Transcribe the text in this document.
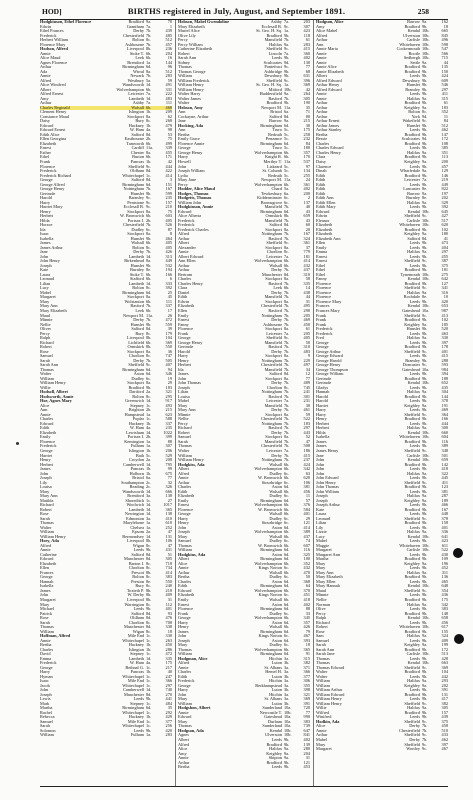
HOD]	BIRTHS registered in July, August, and September 1891.	258
Hodgkinson, Ethel Florence	Bradford 9a.	70
Edwin	Grantham 7a.	1
Ethel Frances	Derby 7b.	439
Frederick	Chesterfield 7b.	485
Herbert William	Bolton 8c.	512
Florence Mary	Ashbourne 7b.	457
Hodson, Alfred	Liverpool 8b.	236
Annie	Stoke T. 6b.	204
Alice Maud	Leek 6b.	16
Agnes Florence	Brentford 1a.	144
Arthur	Birmingham 6d.	96
Ada	Wirral 8a.	512
Annie	Newark 7b.	283
Alfred	Westbury 5a.	59
Alice Winifred	Wandsworth 1d.	491
Albert	Wolverhampton 6b.	331
Alfred Ernest	Leicester 7a.	222
Amy	Lambeth 1d.	483
Arthur	Ashby 7a.	111
Charles Reginald	Walsall 6b.	468
Clement Henry	Islington 1b.	209
Constance Maud	Stockport 8a.	62
Daisy	Bury 8c.	268
Edward	Hackney 1b.	479
Edward Ernest	W. Ham 4a.	98
Edith Alice	Salford 8d.	53
Ellen Georgina	Eastbourne 2b.	75
Elizabeth	Tamworth 6b.	499
Ernest	Cardiff 11a.	339
Esther	Chester 8a.	455
Ethel	Burton 6b.	171
Frank	Pancras 1b.	42
Florence	Sheffield 9c.	444
Frederick	Oldham 8d.	422
Frederick Richard	Whitechapel 1c.	414
George	Salford 8d.	3
George Alfred	Birmingham 6d.	151
George Henry	Nottingham 7b.	167
Gertrude	Hunslet 9b.	599
Harold	Barnsley 9c.	235
Harry	Penistone 9c.	157
Harriet Mary	Ecclesall B. 9c.	210
Henry	Stockport 8a.	75
Herbert	W. Bromwich 6b.	603
Hilda	Portsea I. 2b.	405
Horace	Chesterfield 7b.	526
Ida	Dudley 6c.	87
Isaac	Stockport 8a.	8
Isabella	Hunslet 9b.	464
James	Walsall 6b.	405
James Arthur	Bolton 8c.	405
Jane	Derby 7b.	426
John	Lambeth 1d.	313
John Henry	Birkenhead 8a.	449
Joseph	Hunslet 9b.	532
Kate	Burnley 8e.	194
Laura	Stoke T. 6b.	166
Leonard	Stafford 6b.	6
Lilian	Lambeth 1d.	333
Lucy	Bolton 8c.	392
Mabel	Birmingham 6d.	25
Margaret	Stockport 8a.	45
Mary	Wolstanton 6b.	111
Mary Ann	Basford 7b.	337
Mary Elizabeth	Leek 6b.	17
Maud	Newport M. 11a.	26
Minnie	Derby 7b.	472
Nellie	Hunslet 9b.	559
Oliver	Salford 8d.	39
Percy	Bury 8c.	179
Ralph	Liverpool 8b.	104
Richard	Lichfield 6b.	369
Robert	Ormskirk 8b.	550
Rose	Stockport 8a.	36
Samuel	Chorlton 8c.	747
Sarah	Derby 7b.	505
Sarah Ann	Sheffield 9c.	407
Thomas	Birmingham 6d.	94
Walter	Aston 6d.	346
William	Dudley 6c.	19
William Henry	Stockport 8a.	29
Willie	Bradford 9b.	183
Hodsoll, Albert	Dartford 2a.	321
Hodsworth, Annie	Bolton 8c.	295
Hoe, Agnes Mary	Greenwich 1d.	917
Alice	Stepney 1c.	493
Ann	Brighton 2b.	215
Annie	Hampstead 1a.	623
Charles	Poplar 1c.	588
Edward	Hackney 1b.	337
Edith	W. Ham 4a.	235
Elizabeth	Lewisham 1d.	1022
Emily	Portsea I. 2b.	399
Florence	Kensington 1a.	88
Frederick	Fulham 1a.	307
George	Islington 1b.	206
Harriet	Bath 5c.	529
Henry	Croydon 2a.	208
Herbert	Camberwell 1d.	795
James	Pancras 1b.	99
John	Holborn 1b.	675
Joseph	Bristol 6a.	77
Lily	Southampton 2c.	32
Louisa	Reading 2c.	326
Mary	Wandsworth 1d.	666
Mary Ann	Brentford 3a.	138
Matilda	Shoreditch 1c.	27
Richard	Woolwich 1d.	1017
Robert	Lambeth 1d.	365
Rose	Newington 1d.	138
Sarah	Edmonton 3a.	410
Thomas	Marylebone 1a.	610
Walter	Chelsea 1a.	252
William	Epsom 2a.	47
William Henry	Bermondsey 1d.	131
Hoey, Ada	Liverpool 8b.	106
Alfred	Wigan 8c.	47
Annie	Leeds 9b.	431
Catherine	Salford 8d.	51
Edward	Manchester 8d.	305
Elizabeth	Barton I. 8c.	718
Ellen	Chorlton 8c.	734
Frances	Prescot 8b.	414
George	Bolton 8c.	383
Hannah	Preston 8e.	550
Isabella	Bury 8c.	240
James	Toxteth P. 8b.	218
John	W. Derby 8b.	409
Margaret	Liverpool 8b.	31
Mary	Warrington 8c.	112
Michael	Leeds 9b.	401
Patrick	Salford 8d.	93
Rose	Oldham 8d.	476
Sarah	Chorlton 8c.	708
Thomas	Manchester 8d.	338
William	Wigan 8c.	18
Hoffman, Alfred	Mile End 1c.	330
Annie	Whitechapel 1c.	263
Bertha	Hackney 1b.	450
Charles	Islington 1b.	286
David	Stepney 1c.	472
Emma	Lambeth 1d.	335
Frederick	W. Ham 4a.	175
George	Bethnal G. 1c.	217
Harry	Pancras 1b.	40
Hyman	Whitechapel 1c.	247
Isaac	Mile End 1c.	366
Jacob	Whitechapel 1c.	297
John	Camberwell 1d.	740
Joseph	Manchester 8d.	270
Lewis	Leeds 9b.	441
Mark	Stepney 1c.	484
Martha	Birmingham 6d.	35
Rachel	Whitechapel 1c.	292
Rebecca	Hackney 1b.	429
Samuel	Mile End 1c.	377
Sarah	Whitechapel 1c.	256
Solomon	Leeds 9b.	420
William	Fulham 1a.	283
Hobson, Mabel Gwendoline	Ashby 7a.	203
Mary Elizabeth	Ecclesall B. 9c.	307
Muriel Alice	St. Geo. H. Sq. 1a.	423
Olive Lily	Bradford 9b.	118
Percy	Mansfield 7b.	61
Percy William	Halifax 9a.	283
Catherine Elizabeth	Sheffield 9c.	415
Robert	Lincoln 7a.	360
Sarah Ann	Leeds 9b.	402
Sidney	Sculcoates 9d.	130
Thomas	Pontefract 9c.	77
Thomas George	Ashbridge 9b.	68
William	Dewsbury 9b.	631
William Frederick	Sheffield 9c.	396
William Henry	St. Geo. H. Sq. 1a.	369
William Henry	Mitford 10b.	42
Walter Harry	Huddersfield 9a.	264
Walter James	Basford 7b.	305
Walter	Bradford 9b.	190
Hobson, Amy	Newport M. 11a.	35
Ann	Bristol 6a.	71
Cockayne, Arthur	Salford 8d.	80
Jane	Barrow 9a.	215
Hocking, Ada	Birmingham 6d.	30
Ann	Truro 5c.	175
Bertha	Redruth 5c.	258
Emily Grace	Penzance 5c.	232
Florence Annie	Birmingham 6d.	84
George	Truro 5c.	180
George Henry	Wolverhampton 6b.	357
Harry	Knight R. 6b.	170
Howell	Merthyr T. 11a.	537
John	Liskeard 5c.	97
Joseph William	St. Columb 5c.	134
Lydia	Redruth 5c.	255
Mary Jane	Newport M. 11a.	24
Percy	Wolverhampton 6b.	361
Hodder, Alice Maud	Chard 5a.	402
Hodges, Thomas	Tewkesbury 6a.	200
Hodgetts, Thomas	Kidderminster 6c.	2
William John	Bromsgrove 6c.	137
Hodgkinson, Annie	Mansfield 7b.	40
Edward	Birmingham 6d.	43
Alice Alberta	Ormskirk 8b.	659
Frederick	Mansfield 7b.	43
Frederick	Salford 8d.	60
Frederick Charles	Stockport 8a.	20
Alfred	Nottingham 7b.	167
Arthur	Basford 7b.	324
Albert	Sheffield 9c.	361
Alexander	Stockport 8a.	37
Annie	Chorlton 8c.	779
Albert Edward	Leicester 7a.	181
Ann Ellen	Wolverhampton 6b.	414
Arthur	Walsall 6b.	432
Arthur	Derby 7b.	437
Bertram	Manchester 8d.	310
Charles	Stockport 8a.	58
Charles Henry	Basford 7b.	335
Clara	Leek 6b.	14
Daniel	Derby 7b.	438
Edith	Mansfield 7b.	44
Edwin	Stockport 8a.	31
Elizabeth	Chesterfield 7b.	495
Ellen	Basford 7b.	290
Emily	Nottingham 7b.	205
Ernest	Derby 7b.	469
Fanny	Ashbourne 7b.	450
Florence	Stockport 8a.	61
Frank	Leicester 7a.	205
George	Sheffield 9c.	405
George Henry	Mansfield 7b.	50
Gertrude	Basford 7b.	310
Harold	Derby 7b.	483
Harry	Stockport 8a.	9
Henry	Nottingham 7b.	229
Herbert	Chesterfield 7b.	497
Ida	Mansfield 7b.	34
James	Salford 8d.	12
John	Stockport 8a.	77
John Thomas	Derby 7b.	489
Joseph	Chorlton 8c.	745
Lilian	Nottingham 7b.	241
Louisa	Basford 7b.	301
Mabel	Leicester 7a.	231
Mary	Mansfield 7b.	30
Mary Ann	Derby 7b.	461
Minnie	Stockport 8a.	59
Nellie	Chesterfield 7b.	522
Percy	Nottingham 7b.	183
Richard	Basford 7b.	297
Robert	Derby 7b.	443
Samuel	Stockport 8a.	52
Sarah	Mansfield 7b.	47
Thomas	Chesterfield 7b.	508
Walter	Leicester 7a.	186
William	Derby 7b.	415
William Henry	Nottingham 7b.	237
Hodgkiss, Ada	Walsall 6b.	424
Albert	Wolverhampton 6b.	342
Alfred	Dudley 6c.	63
Annie	W. Bromwich 6b.	620
Arthur	Stourbridge 6c.	106
Charles	Aston 6d.	381
Edith	Walsall 6b.	456
Elizabeth	Dudley 6c.	11
Emily	Birmingham 6d.	57
Ernest	Wolverhampton 6b.	376
Florence	W. Bromwich 6b.	584
George	Walsall 6b.	401
Harry	Dudley 6c.	29
Henry	Stourbridge 6c.	121
John	Aston 6d.	414
Joseph	Wolverhampton 6b.	389
Mary	Walsall 6b.	437
Samuel	Dudley 6c.	74
Thomas	W. Bromwich 6b.	607
William	Birmingham 6d.	116
Hodgkins, Ada	Aston 6d.	325
Albert	Birmingham 6d.	100
Alice	Wolverhampton 6b.	352
Annie	Kings Norton 6c.	432
Arthur	Walsall 6b.	470
Bertha	Dudley 6c.	50
Charles	Aston 6d.	368
Edith	Birmingham 6d.	64
Edward	Wolverhampton 6b.	370
Elizabeth	Kings Norton 6c.	451
Emily	Walsall 6b.	418
Ernest	Aston 6d.	402
Florence	Birmingham 6d.	88
Frank	Dudley 6c.	33
George	Wolverhampton 6b.	345
Harry	Aston 6d.	357
Henry	Walsall 6b.	426
James	Birmingham 6d.	79
John	Kings Norton 6c.	467
Joseph	Aston 6d.	393
Mary	Dudley 6c.	18
Thomas	Wolverhampton 6b.	365
William	Birmingham 6d.	91
Hodgman, Alice	Hitchin 3a.	315
Alfred	Luton 3b.	382
Annie	St. Albans 3a.	371
Charles	Hemel H. 3a.	366
Edith	Luton 3b.	377
Frederick	Hitchin 3a.	306
George	Berkhampstead 3a.	355
Harry	Luton 3b.	398
John	Hitchin 3a.	321
Mary	St. Albans 3a.	369
William	Luton 3b.	391
Hodgshon, Albert	Sunderland 10a.	720
Annie	Newcastle T. 10b.	77
Edward	Gateshead 10a.	990
Mary	Durham 10a.	383
Thomas	Sunderland 10a.	739
Hodgson, Ada	Kendal 10b.	647
Agnes	Ulverston 10b.	841
Albert	Leeds 9b.	402
Alfred	Bradford 9b.	139
Alice	Halifax 9a.	280
Amy	Keighley 9a.	204
Annie	Skipton 9a.	31
Arthur	Bradford 9b.	121
Bertha	Leeds 9b.	453
Hodgson, Alice	Barrow 9a.	162
Amy	Bradford 9b.	18
Alice Mabel	Kendal 10b.	665
Alfred	Ulverston 10b.	845
Arthur	Carlisle 10b.	496
Ann	Whitehaven 10b.	598
Annie Maria	Cockermouth 10b.	547
Annie	Bootle 10b.	566
Annie	Sedbergh 10b.	715
Annie	Settle 9a.	44
Annie Alice	Bradford 9b.	135
Annie Elizabeth	Bradford 9b.	150
Albert	Leeds 9b.	424
Alfred Edward	Dewsbury 9b.	609
Arthur Henry	Hunslet 9b.	546
Alfred Edward	Bramley 9b.	297
Annie	Leeds 9b.	411
Annie	Halifax 9a.	315
Arthur	Bradford 9b.	61
Arthur	Keighley 9a.	183
Arthur	Bolton 8c.	352
Arthur	York 9d.	11
Arthur Ernest	Wakefield 9c.	84
Arthur James	Hunslet 9b.	512
Arthur Stanley	Leeds 9b.	462
Bertha	Bradford 9b.	147
Bessie	Sculcoates 9d.	172
Charles	Bradford 9b.	108
Charles Edward	Leeds 9b.	385
Charles Henry	Halifax 9a.	351
Clara	Bradford 9b.	113
Daisy	Keighley 9a.	200
Clarence	Leeds 9b.	457
Dinah	Wharfedale 9a.	129
Edith	Bradford 9b.	146
Edith	Leicester 7a.	219
Edith	Leeds 9b.	449
Edith	Lancaster 8e.	822
Edith	Barrow 9a.	197
Edith Ann	Burnley 8e.	202
Edith Ellen	Halifax 9a.	329
Edith Mary	Leeds 9b.	392
Edward	Kendal 10b.	645
Edwin	Sheffield 9c.	427
Eleanor	Carlisle 10b.	517
Elizabeth	Whitehaven 10b.	620
Elizabeth	Bradford 9b.	102
Elizabeth	Keighley 9a.	180
Elizabeth Ann	Salford 8d.	41
Ellen	Leeds 9b.	473
Emily	Leeds 9b.	404
Emma	Halifax 9a.	297
Ernest	Leeds 9b.	455
Ernest	Sheffield 9c.	387
Ethel	Leeds 9b.	375
Ethel	Bradford 9b.	181
Ethel	Tynemouth 10b.	275
Fanny	Kendal 10b.	642
Florence	Bradford 9b.	127
Florence	Sheffield 9c.	341
Florence	Halifax 9a.	316
Florence	Rochdale 8e.	10
Florence Mary	Leeds 9b.	420
Frances	Kendal 10b.	653
Frances Mary	Gateshead 10a.	987
Frank	Sheffield 9c.	413
Frank	Bradford 9b.	102
Frank	Keighley 9a.	185
Frederick	Hunslet 9b.	520
Frederick	Leeds 9b.	463
Fred	Halifax 9a.	330
George	Leeds 9b.	397
George	Bradford 9b.	178
George Arthur	Sheffield 9c.	401
George Edward	Leeds 9b.	415
George Harold	Bramley 9b.	288
George Henry	Doncaster 9c.	593
George Thompson	Gateshead 10a.	984
George William	Leeds 9b.	394
Gertrude	Bradford 9b.	188
Gertrude	Kendal 10b.	652
Gladys	Leeds 9b.	435
Hannah	Halifax 9a.	304
Harold	Bradford 9b.	144
Harold	Leeds 9b.	378
Harriet	Keighley 9a.	191
Harry	Leeds 9b.	469
Harry	Sheffield 9c.	364
Henry	Bradford 9b.	166
Herbert	Leeds 9b.	444
Herbert	Halifax 9a.	300
Hilda	Kendal 10b.	660
Isabella	Whitehaven 10b.	604
James	Bradford 9b.	116
James	Leeds 9b.	389
James Henry	Sheffield 9c.	348
Jane	Carlisle 10b.	501
John	Kendal 10b.	659
John	Bradford 9b.	142
John	Leeds 9b.	418
John	Halifax 9a.	322
John Edward	Leeds 9b.	445
John Henry	Sheffield 9c.	411
John Thomas	Bradford 9b.	123
John William	Leeds 9b.	381
Joseph	Halifax 9a.	287
Joseph	Keighley 9a.	189
Joseph Arthur	Leeds 9b.	466
Kate	Bradford 9b.	167
Laura	Leeds 9b.	448
Leonard	Sheffield 9c.	378
Lilian	Bradford 9b.	158
Lily	Leeds 9b.	401
Lizzie	Halifax 9a.	336
Lucy	Kendal 10b.	641
Mabel	Leeds 9b.	423
Maggie	Whitehaven 10b.	611
Margaret	Carlisle 10b.	522
Margaret Ann	Leeds 9b.	430
Martha	Bradford 9b.	109
Mary	Keighley 9a.	196
Mary	Leeds 9b.	452
Mary Ann	Halifax 9a.	311
Mary Elizabeth	Bradford 9b.	136
Mary Ellen	Leeds 9b.	465
Mary Hannah	Kendal 10b.	648
Maud	Sheffield 9c.	354
Minnie	Leeds 9b.	436
Nellie	Bradford 9b.	175
Norman	Halifax 9a.	342
Olive	Leeds 9b.	383
Percy	Bradford 9b.	148
Ralph	Kendal 10b.	658
Richard	Leeds 9b.	456
Robert	Whitehaven 10b.	617
Rose	Bradford 9b.	155
Sam	Halifax 9a.	324
Samuel	Leeds 9b.	409
Sarah	Keighley 9a.	199
Sarah Ann	Bradford 9b.	172
Sarah Jane	Carlisle 10b.	513
Thomas	Leeds 9b.	428
Thomas	Kendal 10b.	663
Thomas Edward	Sheffield 9c.	369
Walter	Bradford 9b.	104
Walter	Leeds 9b.	442
William	Halifax 9a.	293
William	Keighley 9a.	202
William Arthur	Leeds 9b.	391
William Edward	Bradford 9b.	131
William Henry	Leeds 9b.	417
William Henry	Sheffield 9c.	382
Willie	Halifax 9a.	305
Wilfred	Bradford 9b.	157
Winifred	Leeds 9b.	439
Hodkin, Ada	Sheffield 9c.	375
Alice	Derby 7b.	458
Annie	Chesterfield 7b.	510
Arthur	Sheffield 9c.	433
Mabel	Derby 7b.	462
Mary	Sheffield 9c.	397
Margaret	Wortley 9c.	467
